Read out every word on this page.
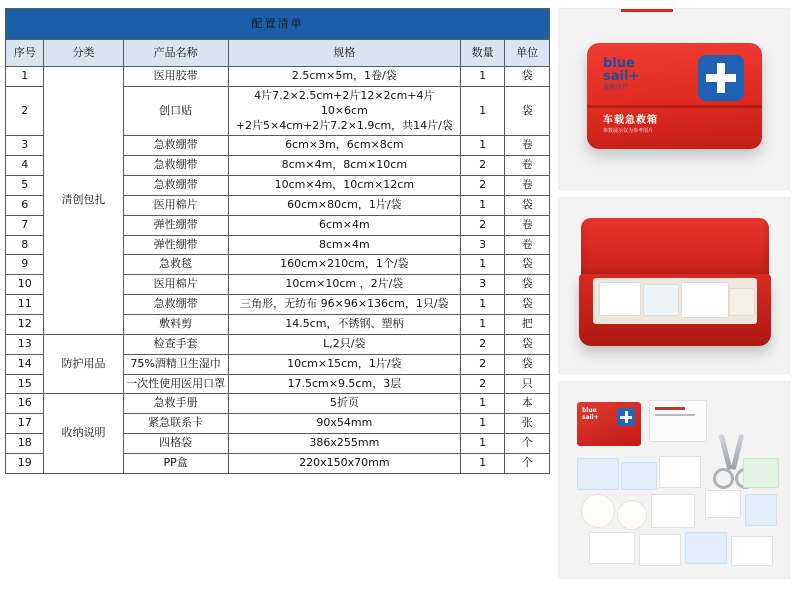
配置清单					
序号	分类	产品名称	规格	数量	单位
1	清创包扎	医用胶带	2.5cm×5m，1卷/袋	1	袋
2		创口贴	4片7.2×2.5cm+2片12×2cm+4片10×6cm
+2片5×4cm+2片7.2×1.9cm，共14片/袋	1	袋
3		急救绷带	6cm×3m，6cm×8cm	1	卷
4		急救绷带	8cm×4m，8cm×10cm	2	卷
5		急救绷带	10cm×4m，10cm×12cm	2	卷
6		医用棉片	60cm×80cm，1片/袋	1	袋
7		弹性绷带	6cm×4m	2	卷
8		弹性绷带	8cm×4m	3	卷
9		急救毯	160cm×210cm，1个/袋	1	袋
10		医用棉片	10cm×10cm ，2片/袋	3	袋
11		急救绷带	三角形，无纺布 96×96×136cm，1只/袋	1	袋
12		敷料剪	14.5cm，不锈钢、塑柄	1	把
13	防护用品	检查手套	L,2只/袋	2	袋
14		75%酒精卫生湿巾	10cm×15cm，1片/袋	2	袋
15		一次性使用医用口罩	17.5cm×9.5cm，3层	2	只
16	收纳说明	急救手册	5折页	1	本
17		紧急联系卡	90x54mm	1	张
18		四格袋	386x255mm	1	个
19		PP盒	220x150x70mm	1	个
blue
sail+
蓝帆医疗
车载急救箱
参数展示仅为参考图片
blue
sail+
